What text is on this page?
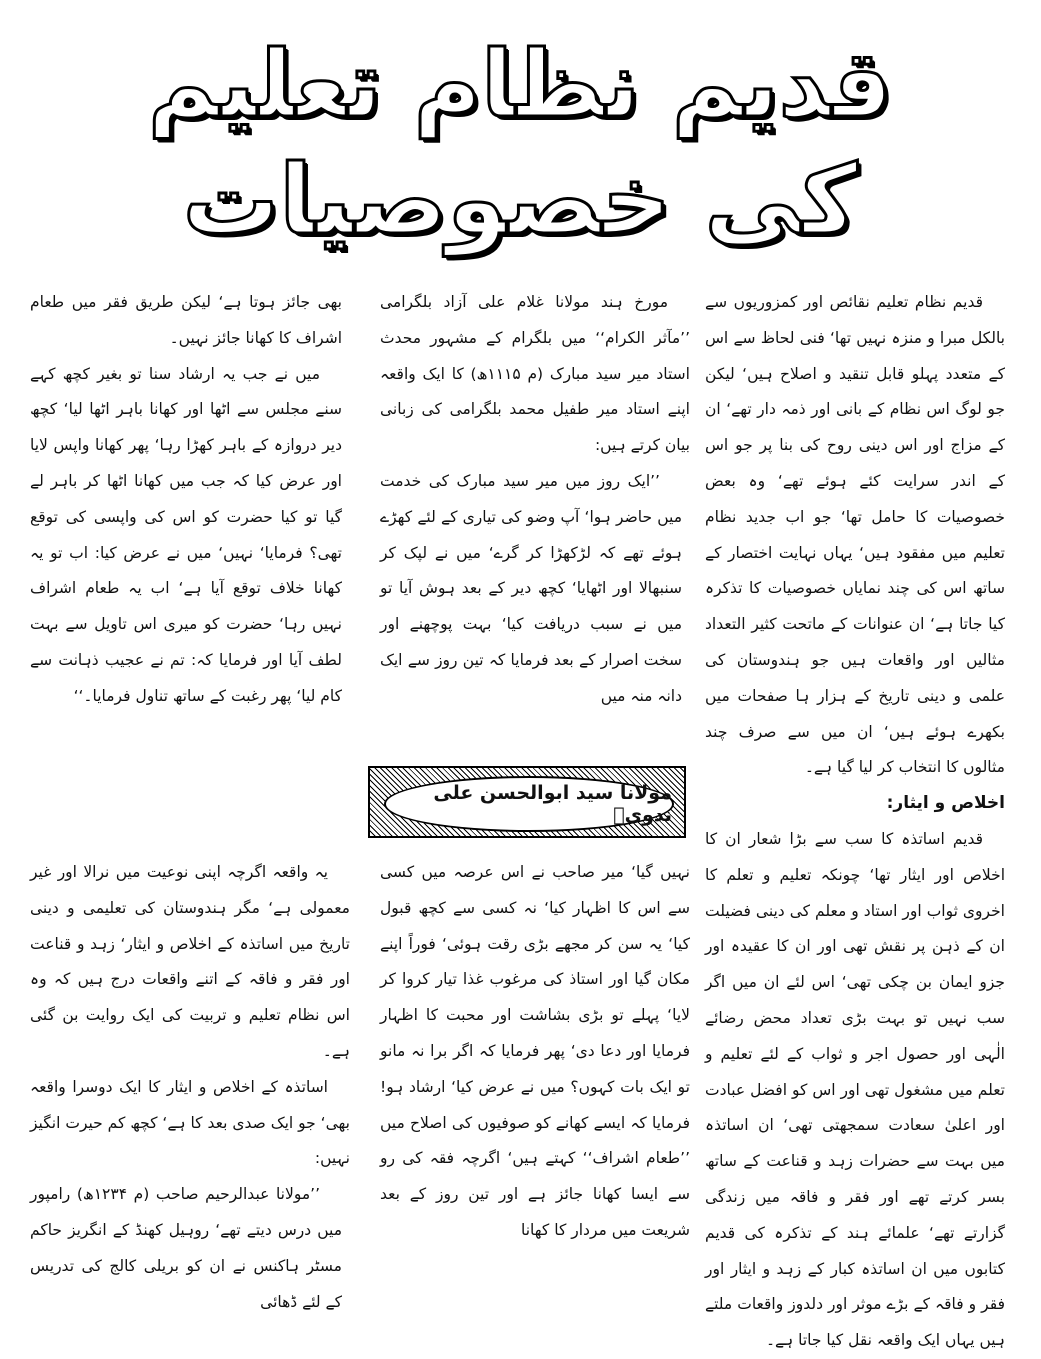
قدیم نظام تعلیم
کی خصوصیات

قدیم نظام تعلیم نقائص اور کمزوریوں سے بالکل مبرا و منزہ نہیں تھا‘ فنی لحاظ سے اس کے متعدد پہلو قابل تنقید و اصلاح ہیں‘ لیکن جو لوگ اس نظام کے بانی اور ذمہ دار تھے‘ ان کے مزاج اور اس دینی روح کی بنا پر جو اس کے اندر سرایت کئے ہوئے تھے‘ وہ بعض خصوصیات کا حامل تھا‘ جو اب جدید نظام تعلیم میں مفقود ہیں‘ یہاں نہایت اختصار کے ساتھ اس کی چند نمایاں خصوصیات کا تذکرہ کیا جاتا ہے‘ ان عنوانات کے ماتحت کثیر التعداد مثالیں اور واقعات ہیں جو ہندوستان کی علمی و دینی تاریخ کے ہزار ہا صفحات میں بکھرے ہوئے ہیں‘ ان میں سے صرف چند مثالوں کا انتخاب کر لیا گیا ہے۔

اخلاص و ایثار:

قدیم اساتذہ کا سب سے بڑا شعار ان کا اخلاص اور ایثار تھا‘ چونکہ تعلیم و تعلم کا اخروی ثواب اور استاد و معلم کی دینی فضیلت ان کے ذہن پر نقش تھی اور ان کا عقیدہ اور جزو ایمان بن چکی تھی‘ اس لئے ان میں اگر سب نہیں تو بہت بڑی تعداد محض رضائے الٰہی اور حصول اجر و ثواب کے لئے تعلیم و تعلم میں مشغول تھی اور اس کو افضل عبادت اور اعلیٰ سعادت سمجھتی تھی‘ ان اساتذہ میں بہت سے حضرات زہد و قناعت کے ساتھ بسر کرتے تھے اور فقر و فاقہ میں زندگی گزارتے تھے‘ علمائے ہند کے تذکرہ کی قدیم کتابوں میں ان اساتذہ کبار کے زہد و ایثار اور فقر و فاقہ کے بڑے موثر اور دلدوز واقعات ملتے ہیں یہاں ایک واقعہ نقل کیا جاتا ہے۔

مورخ ہند مولانا غلام علی آزاد بلگرامی ’’مآثر الکرام‘‘ میں بلگرام کے مشہور محدث استاد میر سید مبارک (م ۱۱۱۵ھ) کا ایک واقعہ اپنے استاد میر طفیل محمد بلگرامی کی زبانی بیان کرتے ہیں:

’’ایک روز میں میر سید مبارک کی خدمت میں حاضر ہوا‘ آپ وضو کی تیاری کے لئے کھڑے ہوئے تھے کہ لڑکھڑا کر گرے‘ میں نے لپک کر سنبھالا اور اٹھایا‘ کچھ دیر کے بعد ہوش آیا تو میں نے سبب دریافت کیا‘ بہت پوچھنے اور سخت اصرار کے بعد فرمایا کہ تین روز سے ایک دانہ منہ میں

مولانا سید ابوالحسن علی ندویؒ

نہیں گیا‘ میر صاحب نے اس عرصہ میں کسی سے اس کا اظہار کیا‘ نہ کسی سے کچھ قبول کیا‘ یہ سن کر مجھے بڑی رقت ہوئی‘ فوراً اپنے مکان گیا اور استاذ کی مرغوب غذا تیار کروا کر لایا‘ پہلے تو بڑی بشاشت اور محبت کا اظہار فرمایا اور دعا دی‘ پھر فرمایا کہ اگر برا نہ مانو تو ایک بات کہوں؟ میں نے عرض کیا‘ ارشاد ہو! فرمایا کہ ایسے کھانے کو صوفیوں کی اصلاح میں ’’طعام اشراف‘‘ کہتے ہیں‘ اگرچہ فقہ کی رو سے ایسا کھانا جائز ہے اور تین روز کے بعد شریعت میں مردار کا کھانا

بھی جائز ہوتا ہے‘ لیکن طریق فقر میں طعام اشراف کا کھانا جائز نہیں۔

میں نے جب یہ ارشاد سنا تو بغیر کچھ کہے سنے مجلس سے اٹھا اور کھانا باہر اٹھا لیا‘ کچھ دیر دروازہ کے باہر کھڑا رہا‘ پھر کھانا واپس لایا اور عرض کیا کہ جب میں کھانا اٹھا کر باہر لے گیا تو کیا حضرت کو اس کی واپسی کی توقع تھی؟ فرمایا‘ نہیں‘ میں نے عرض کیا: اب تو یہ کھانا خلاف توقع آیا ہے‘ اب یہ طعام اشراف نہیں رہا‘ حضرت کو میری اس تاویل سے بہت لطف آیا اور فرمایا کہ: تم نے عجیب ذہانت سے کام لیا‘ پھر رغبت کے ساتھ تناول فرمایا۔‘‘

یہ واقعہ اگرچہ اپنی نوعیت میں نرالا اور غیر معمولی ہے‘ مگر ہندوستان کی تعلیمی و دینی تاریخ میں اساتذہ کے اخلاص و ایثار‘ زہد و قناعت اور فقر و فاقہ کے اتنے واقعات درج ہیں کہ وہ اس نظام تعلیم و تربیت کی ایک روایت بن گئی ہے۔

اساتذہ کے اخلاص و ایثار کا ایک دوسرا واقعہ بھی‘ جو ایک صدی بعد کا ہے‘ کچھ کم حیرت انگیز نہیں:

’’مولانا عبدالرحیم صاحب (م ۱۲۳۴ھ) رامپور میں درس دیتے تھے‘ روہیل کھنڈ کے انگریز حاکم مسٹر ہاکنس نے ان کو بریلی کالج کی تدریس کے لئے ڈھائی
